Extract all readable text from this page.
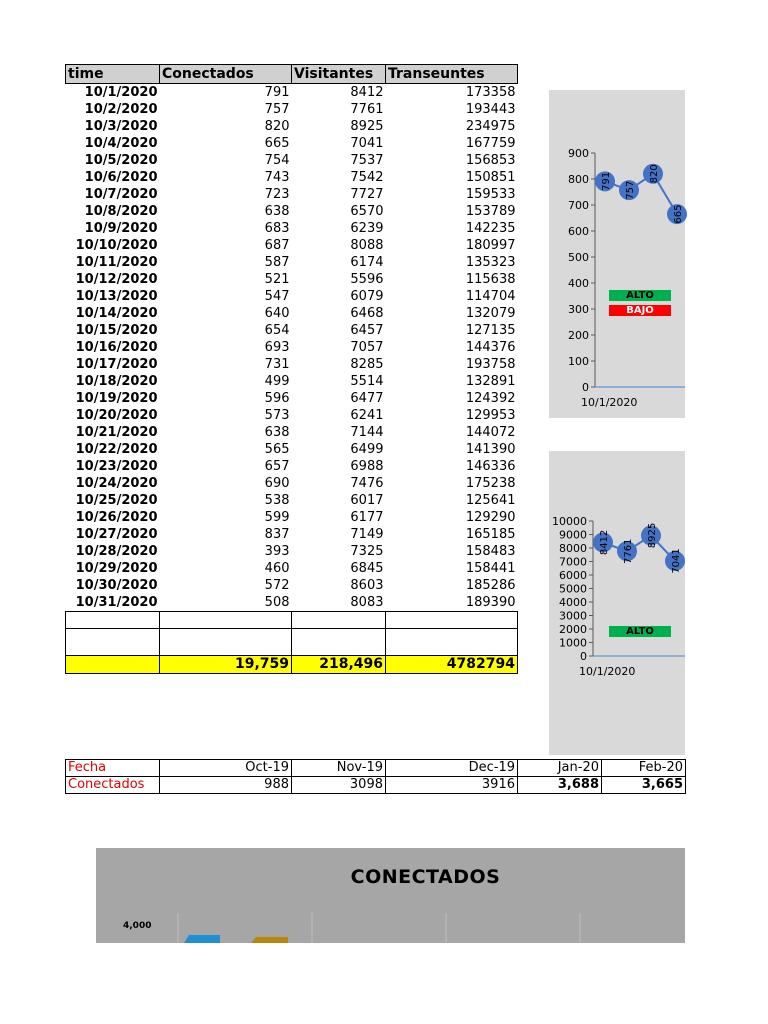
time	Conectados	Visitantes	Transeuntes
10/1/2020	791	8412	173358
10/2/2020	757	7761	193443
10/3/2020	820	8925	234975
10/4/2020	665	7041	167759
10/5/2020	754	7537	156853
10/6/2020	743	7542	150851
10/7/2020	723	7727	159533
10/8/2020	638	6570	153789
10/9/2020	683	6239	142235
10/10/2020	687	8088	180997
10/11/2020	587	6174	135323
10/12/2020	521	5596	115638
10/13/2020	547	6079	114704
10/14/2020	640	6468	132079
10/15/2020	654	6457	127135
10/16/2020	693	7057	144376
10/17/2020	731	8285	193758
10/18/2020	499	5514	132891
10/19/2020	596	6477	124392
10/20/2020	573	6241	129953
10/21/2020	638	7144	144072
10/22/2020	565	6499	141390
10/23/2020	657	6988	146336
10/24/2020	690	7476	175238
10/25/2020	538	6017	125641
10/26/2020	599	6177	129290
10/27/2020	837	7149	165185
10/28/2020	393	7325	158483
10/29/2020	460	6845	158441
10/30/2020	572	8603	185286
10/31/2020	508	8083	189390

	19,759	218,496	4782794
Fecha	Oct-19	Nov-19	Dec-19	Jan-20	Feb-20
Conectados	988	3098	3916	3,688	3,665
0
100
200
300
400
500
600
700
800
900
10/1/2020
791 757
820
665
ALTO
BAJO
0
1000
2000
3000
4000
5000
6000
7000
8000
9000
10000
10/1/2020
8412 7761
8925
7041
ALTO
CONECTADOS
4,000
